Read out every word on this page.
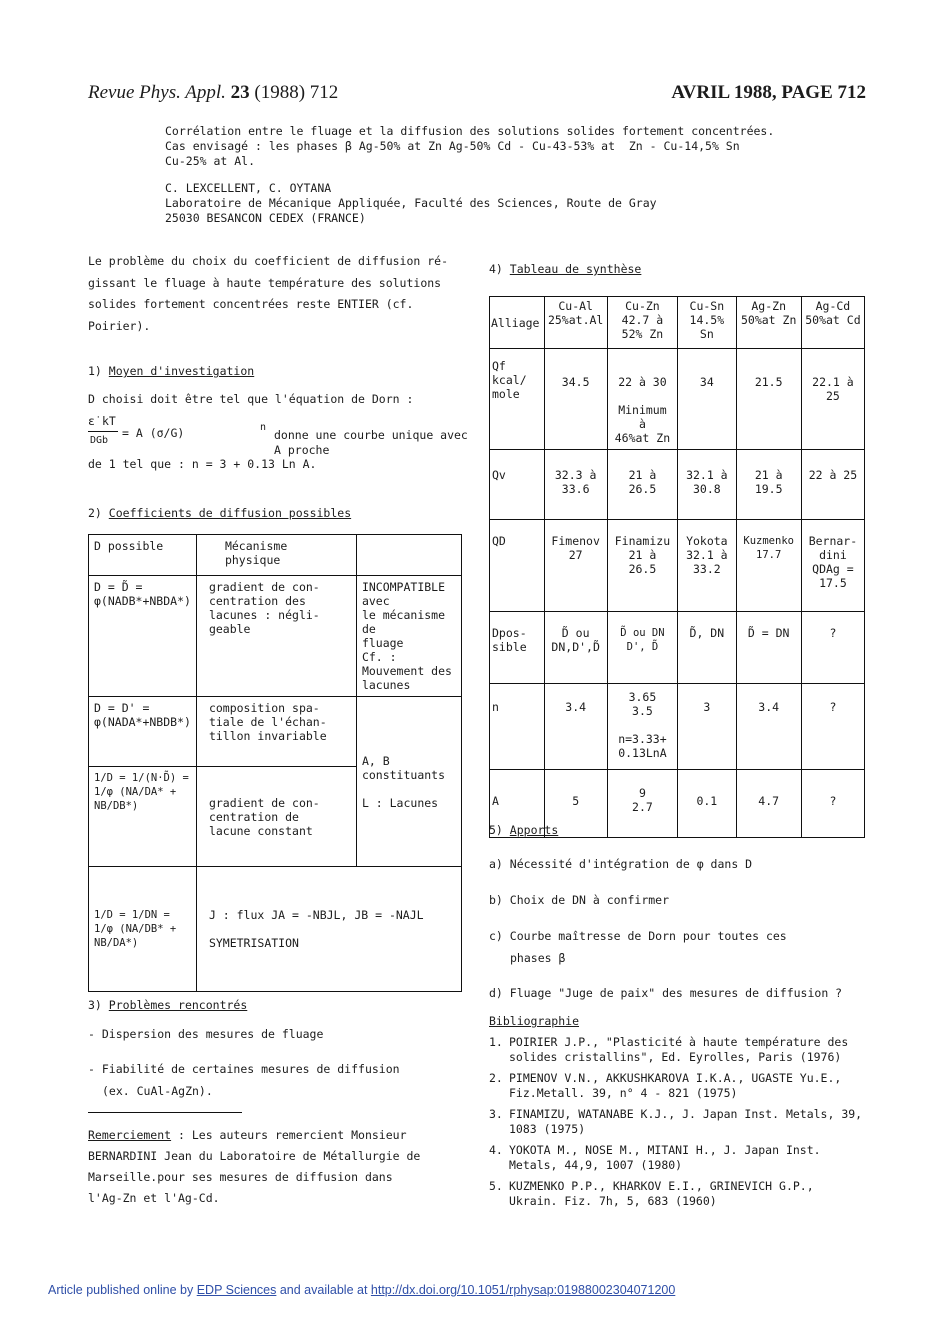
Revue Phys. Appl. 23 (1988) 712	AVRIL 1988, PAGE 712

Corrélation entre le fluage et la diffusion des solutions solides fortement concentrées.

Cas envisagé : les phases β Ag-50% at Zn Ag-50% Cd - Cu-43-53% at  Zn - Cu-14,5% Sn

Cu-25% at Al.

C. LEXCELLENT, C. OYTANA

Laboratoire de Mécanique Appliquée, Faculté des Sciences, Route de Gray

25030 BESANCON CEDEX (FRANCE)

Le problème du choix du coefficient de diffusion ré-

gissant le fluage à haute température des solutions

solides fortement concentrées reste ENTIER (cf.

Poirier).

1) Moyen d'investigation
D choisi doit être tel que l'équation de Dorn :
ε̇ kT
DGb
= A (σ/G)	n
donne une courbe unique avec A proche
de 1 tel que : n = 3 + 0.13 Ln A.
2) Coefficients de diffusion possibles
D possible	Mécanisme
physique	
D = D̃ =
φ(NADB*+NBDA*)	gradient de con-
centration des
lacunes : négli-
geable	INCOMPATIBLE avec
le mécanisme de
fluage
Cf. : Mouvement des
lacunes
D = D' =
φ(NADA*+NBDB*)	composition spa-
tiale de l'échan-
tillon invariable	A, B constituants

L : Lacunes
1/D = 1/(N·D̃) =
1/φ (NA/DA* + NB/DB*)	gradient de con-
centration de
lacune constant	
1/D = 1/DN =
1/φ (NA/DB* + NB/DA*)	J : flux JA = -NBJL, JB = -NAJL

SYMETRISATION	
3) Problèmes rencontrés
- Dispersion des mesures de fluage
- Fiabilité de certaines mesures de diffusion
(ex. CuAl-AgZn).

Remerciement : Les auteurs remercient Monsieur

BERNARDINI Jean du Laboratoire de Métallurgie de

Marseille.pour ses mesures de diffusion dans

l'Ag-Zn et l'Ag-Cd.

4) Tableau de synthèse
Alliage	Cu-Al
25%at.Al	Cu-Zn
42.7 à
52% Zn	Cu-Sn
14.5% Sn	Ag-Zn
50%at Zn	Ag-Cd
50%at Cd
Qf
kcal/
mole	34.5	22 à 30

Minimum
à
46%at Zn	34	21.5	22.1 à
25
Qv	32.3 à
33.6	21 à
26.5	32.1 à
30.8	21 à
19.5	22 à 25
QD	Fimenov
27	Finamizu
21 à
26.5	Yokota
32.1 à
33.2	Kuzmenko
17.7	Bernar-
dini
QDAg =
17.5
Dpos-
sible	D̃ ou
DN,D',D̃	D̃ ou DN
D', D̃	D̃, DN	D̃ = DN	?
n	3.4	3.65
3.5

n=3.33+
0.13LnA	3	3.4	?
A	5	9
2.7	0.1	4.7	?
5) Apports
a) Nécessité d'intégration de φ dans D
b) Choix de DN à confirmer
c) Courbe maîtresse de Dorn pour toutes ces
phases β
d) Fluage "Juge de paix" des mesures de diffusion ?
Bibliographie
1. POIRIER J.P., "Plasticité à haute température des solides cristallins", Ed. Eyrolles, Paris (1976)
2. PIMENOV V.N., AKKUSHKAROVA I.K.A., UGASTE Yu.E., Fiz.Metall. 39, n° 4 - 821 (1975)
3. FINAMIZU, WATANABE K.J., J. Japan Inst. Metals, 39, 1083 (1975)
4. YOKOTA M., NOSE M., MITANI H., J. Japan Inst. Metals, 44,9, 1007 (1980)
5. KUZMENKO P.P., KHARKOV E.I., GRINEVICH G.P., Ukrain. Fiz. 7h, 5, 683 (1960)
Article published online by EDP Sciences and available at http://dx.doi.org/10.1051/rphysap:01988002304071200
